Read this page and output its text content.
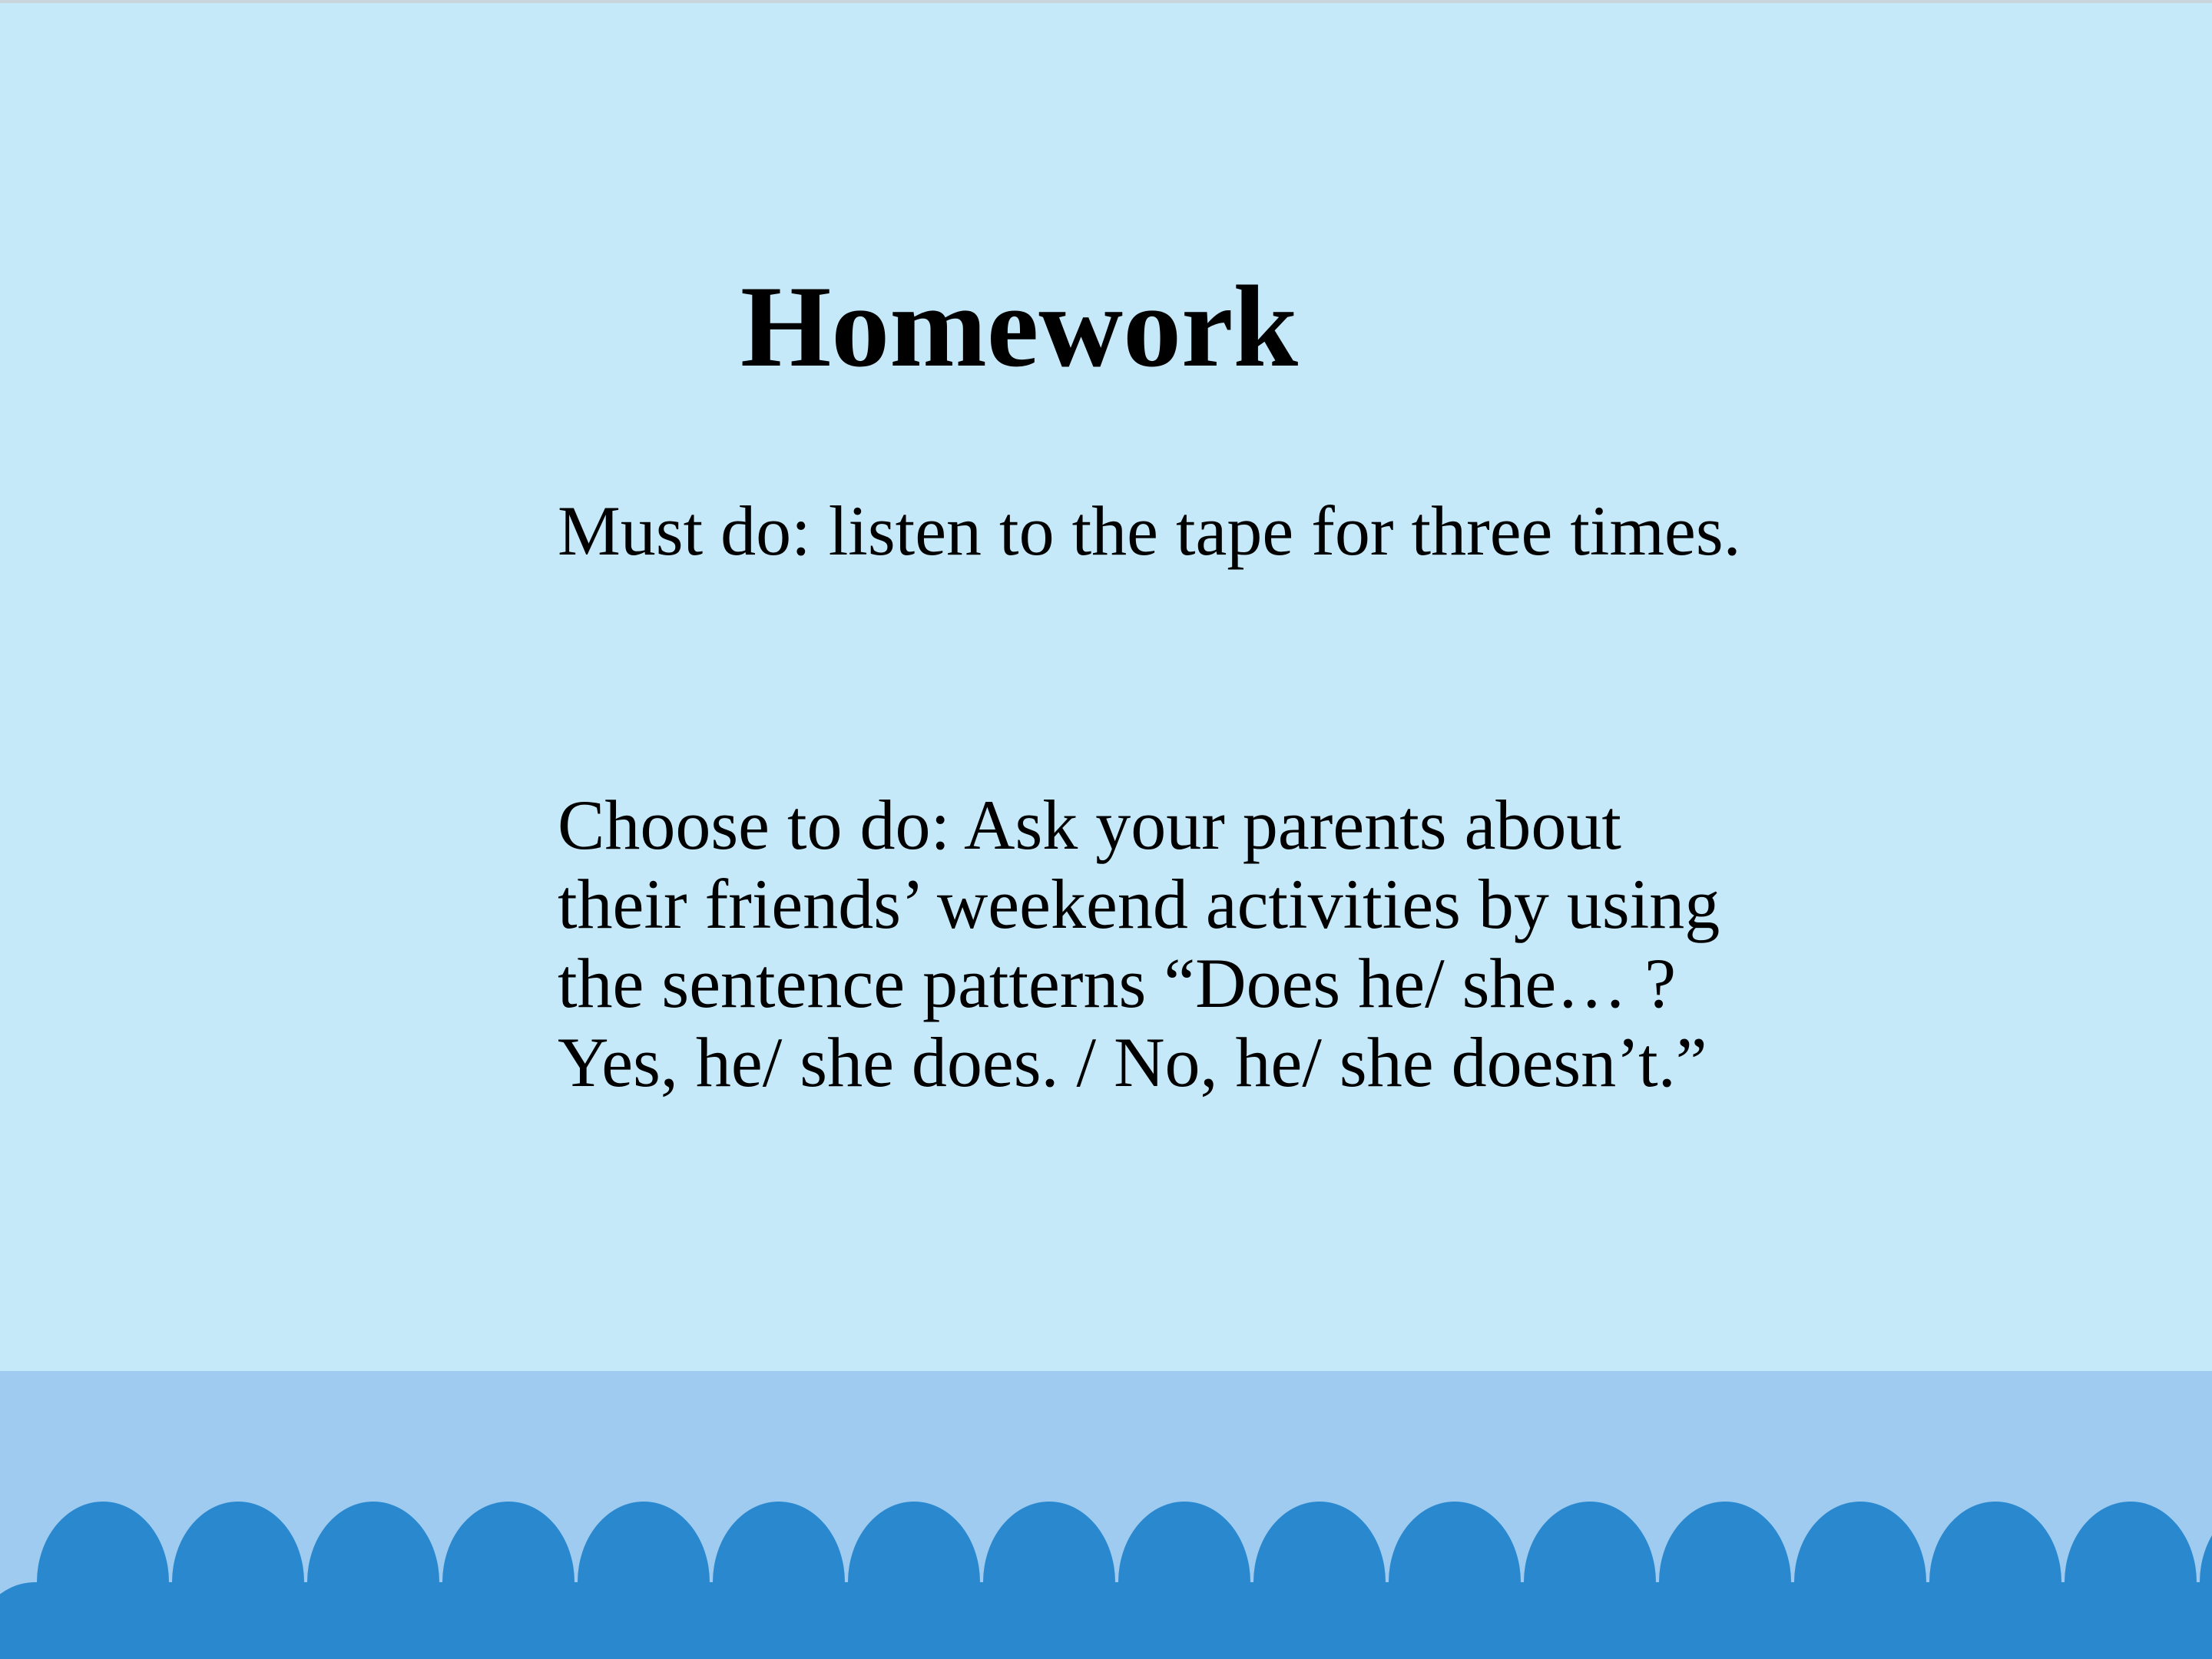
Homework

Must do: listen to the tape for three times.

Choose to do: Ask your parents about their friends’ weekend activities by using the sentence patterns “Does he/ she… ? Yes, he/ she does. / No, he/ she doesn’t.”
